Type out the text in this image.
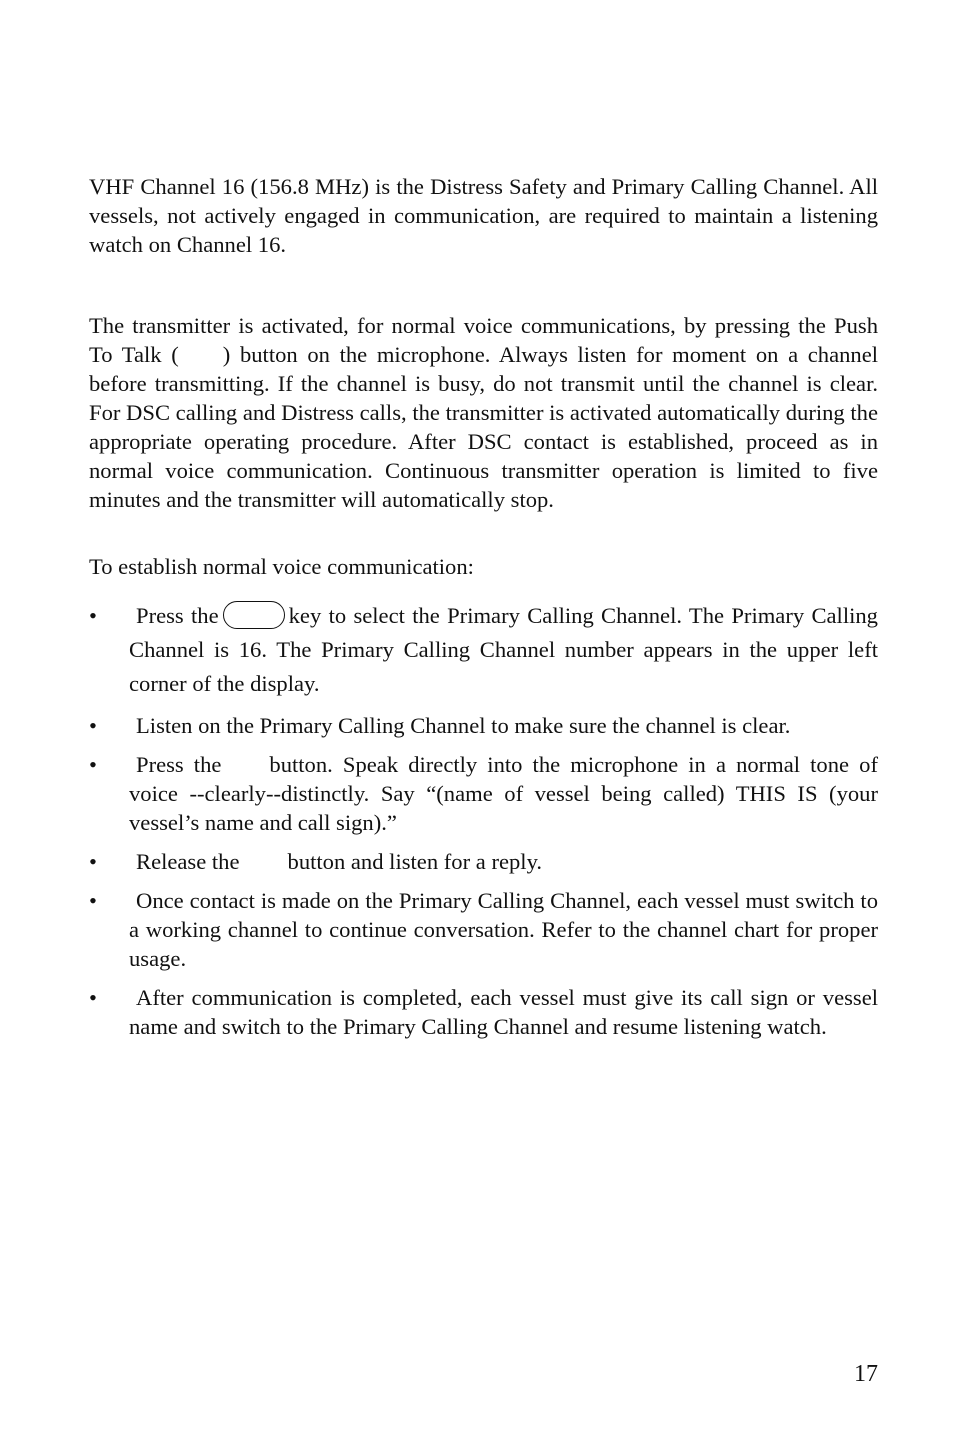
VHF Channel 16 (156.8 MHz) is the Distress Safety and Primary Calling Channel. All vessels, not actively engaged in communication, are required to maintain a listening watch on Channel 16.

The transmitter is activated, for normal voice communications, by pressing the Push To Talk ( ) button on the microphone. Always listen for moment on a channel before transmitting. If the channel is busy, do not transmit until the channel is clear. For DSC calling and Distress calls, the transmitter is activated automatically during the appropriate operating procedure. After DSC contact is established, proceed as in normal voice communication. Continuous transmitter operation is limited to five minutes and the transmitter will automatically stop.

To establish normal voice communication:

• Press the	key to select the Primary Calling Channel. The Primary Calling Channel is 16. The Primary Calling Channel number appears in the upper left corner of the display.
• Listen on the Primary Calling Channel to make sure the channel is clear.
• Press the button. Speak directly into the microphone in a normal tone of voice --clearly--distinctly. Say “(name of vessel being called) THIS IS (your vessel’s name and call sign).”
• Release the button and listen for a reply.
• Once contact is made on the Primary Calling Channel, each vessel must switch to a working channel to continue conversation. Refer to the channel chart for proper usage.
• After communication is completed, each vessel must give its call sign or vessel name and switch to the Primary Calling Channel and resume listening watch.
17
